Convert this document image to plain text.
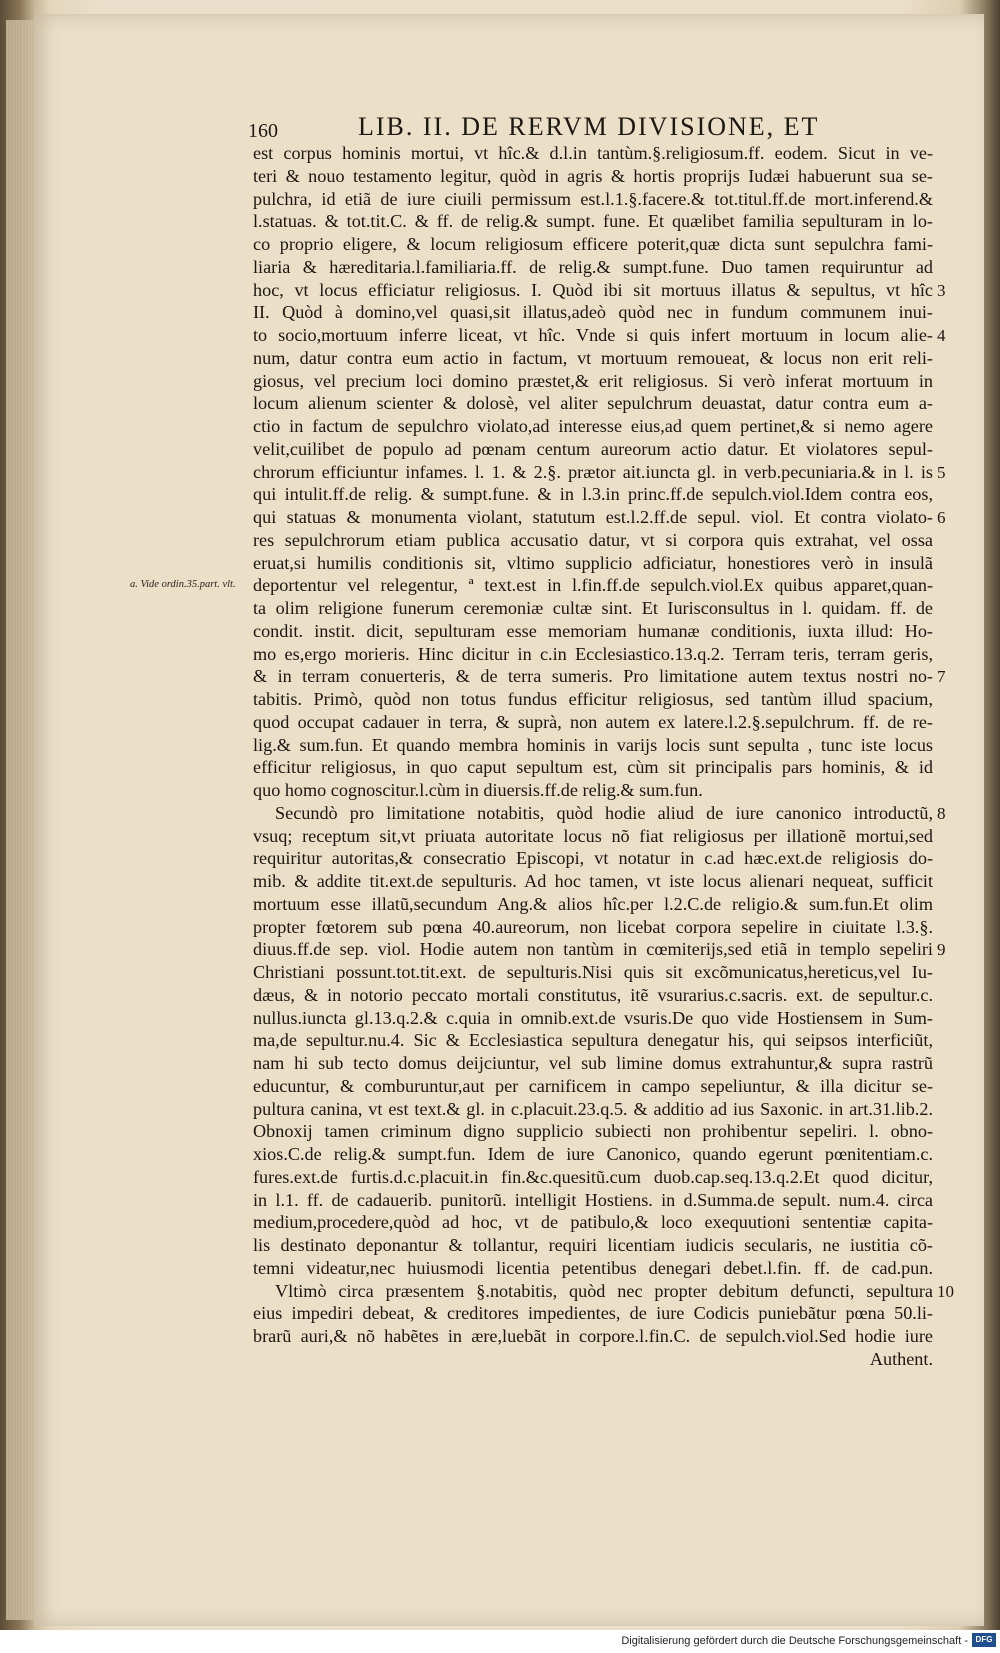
160	LIB. II. DE RERVM DIVISIONE, ET
est corpus hominis mortui, vt hîc.& d.l.in tantùm.§.religiosum.ff. eodem. Sicut in ve-
teri & nouo testamento legitur, quòd in agris & hortis proprijs Iudæi habuerunt sua se-
pulchra, id etiã de iure ciuili permissum est.l.1.§.facere.& tot.titul.ff.de mort.inferend.&
l.statuas. & tot.tit.C. & ff. de relig.& sumpt. fune. Et quælibet familia sepulturam in lo-
co proprio eligere, & locum religiosum efficere poterit,quæ dicta sunt sepulchra fami-
liaria & hæreditaria.l.familiaria.ff. de relig.& sumpt.fune. Duo tamen requiruntur ad
hoc, vt locus efficiatur religiosus. I. Quòd ibi sit mortuus illatus & sepultus, vt hîc
II. Quòd à domino,vel quasi,sit illatus,adeò quòd nec in fundum communem inui-
to socio,mortuum inferre liceat, vt hîc. Vnde si quis infert mortuum in locum alie-
num, datur contra eum actio in factum, vt mortuum remoueat, & locus non erit reli-
giosus, vel precium loci domino præstet,& erit religiosus. Si verò inferat mortuum in
locum alienum scienter & dolosè, vel aliter sepulchrum deuastat, datur contra eum a-
ctio in factum de sepulchro violato,ad interesse eius,ad quem pertinet,& si nemo agere
velit,cuilibet de populo ad pœnam centum aureorum actio datur. Et violatores sepul-
chrorum efficiuntur infames. l. 1. & 2.§. prætor ait.iuncta gl. in verb.pecuniaria.& in l. is
qui intulit.ff.de relig. & sumpt.fune. & in l.3.in princ.ff.de sepulch.viol.Idem contra eos,
qui statuas & monumenta violant, statutum est.l.2.ff.de sepul. viol. Et contra violato-
res sepulchrorum etiam publica accusatio datur, vt si corpora quis extrahat, vel ossa
eruat,si humilis conditionis sit, vltimo supplicio adficiatur, honestiores verò in insulã
deportentur vel relegentur, ª text.est in l.fin.ff.de sepulch.viol.Ex quibus apparet,quan-
ta olim religione funerum ceremoniæ cultæ sint. Et Iurisconsultus in l. quidam. ff. de
condit. instit. dicit, sepulturam esse memoriam humanæ conditionis, iuxta illud: Ho-
mo es,ergo morieris. Hinc dicitur in c.in Ecclesiastico.13.q.2. Terram teris, terram geris,
& in terram conuerteris, & de terra sumeris. Pro limitatione autem textus nostri no-
tabitis. Primò, quòd non totus fundus efficitur religiosus, sed tantùm illud spacium,
quod occupat cadauer in terra, & suprà, non autem ex latere.l.2.§.sepulchrum. ff. de re-
lig.& sum.fun. Et quando membra hominis in varijs locis sunt sepulta , tunc iste locus
efficitur religiosus, in quo caput sepultum est, cùm sit principalis pars hominis, & id
quo homo cognoscitur.l.cùm in diuersis.ff.de relig.& sum.fun.
Secundò pro limitatione notabitis, quòd hodie aliud de iure canonico introductũ,
vsuq; receptum sit,vt priuata autoritate locus nõ fiat religiosus per illationẽ mortui,sed
requiritur autoritas,& consecratio Episcopi, vt notatur in c.ad hæc.ext.de religiosis do-
mib. & addite tit.ext.de sepulturis. Ad hoc tamen, vt iste locus alienari nequeat, sufficit
mortuum esse illatũ,secundum Ang.& alios hîc.per l.2.C.de religio.& sum.fun.Et olim
propter fœtorem sub pœna 40.aureorum, non licebat corpora sepelire in ciuitate l.3.§.
diuus.ff.de sep. viol. Hodie autem non tantùm in cœmiterijs,sed etiã in templo sepeliri
Christiani possunt.tot.tit.ext. de sepulturis.Nisi quis sit excõmunicatus,hereticus,vel Iu-
dæus, & in notorio peccato mortali constitutus, itẽ vsurarius.c.sacris. ext. de sepultur.c.
nullus.iuncta gl.13.q.2.& c.quia in omnib.ext.de vsuris.De quo vide Hostiensem in Sum-
ma,de sepultur.nu.4. Sic & Ecclesiastica sepultura denegatur his, qui seipsos interficiũt,
nam hi sub tecto domus deijciuntur, vel sub limine domus extrahuntur,& supra rastrũ
educuntur, & comburuntur,aut per carnificem in campo sepeliuntur, & illa dicitur se-
pultura canina, vt est text.& gl. in c.placuit.23.q.5. & additio ad ius Saxonic. in art.31.lib.2.
Obnoxij tamen criminum digno supplicio subiecti non prohibentur sepeliri. l. obno-
xios.C.de relig.& sumpt.fun. Idem de iure Canonico, quando egerunt pœnitentiam.c.
fures.ext.de furtis.d.c.placuit.in fin.&c.quesitũ.cum duob.cap.seq.13.q.2.Et quod dicitur,
in l.1. ff. de cadauerib. punitorũ. intelligit Hostiens. in d.Summa.de sepult. num.4. circa
medium,procedere,quòd ad hoc, vt de patibulo,& loco exequutioni sententiæ capita-
lis destinato deponantur & tollantur, requiri licentiam iudicis secularis, ne iustitia cõ-
temni videatur,nec huiusmodi licentia petentibus denegari debet.l.fin. ff. de cad.pun.
Vltimò circa præsentem §.notabitis, quòd nec propter debitum defuncti, sepultura
eius impediri debeat, & creditores impedientes, de iure Codicis puniebãtur pœna 50.li-
brarũ auri,& nõ habẽtes in ære,luebãt in corpore.l.fin.C. de sepulch.viol.Sed hodie iure
Authent.
3
4
5
6
7
8
9
10
a. Vide ordin.35.part. vlt.
Digitalisierung gefördert durch die Deutsche Forschungsgemeinschaft - DFG
